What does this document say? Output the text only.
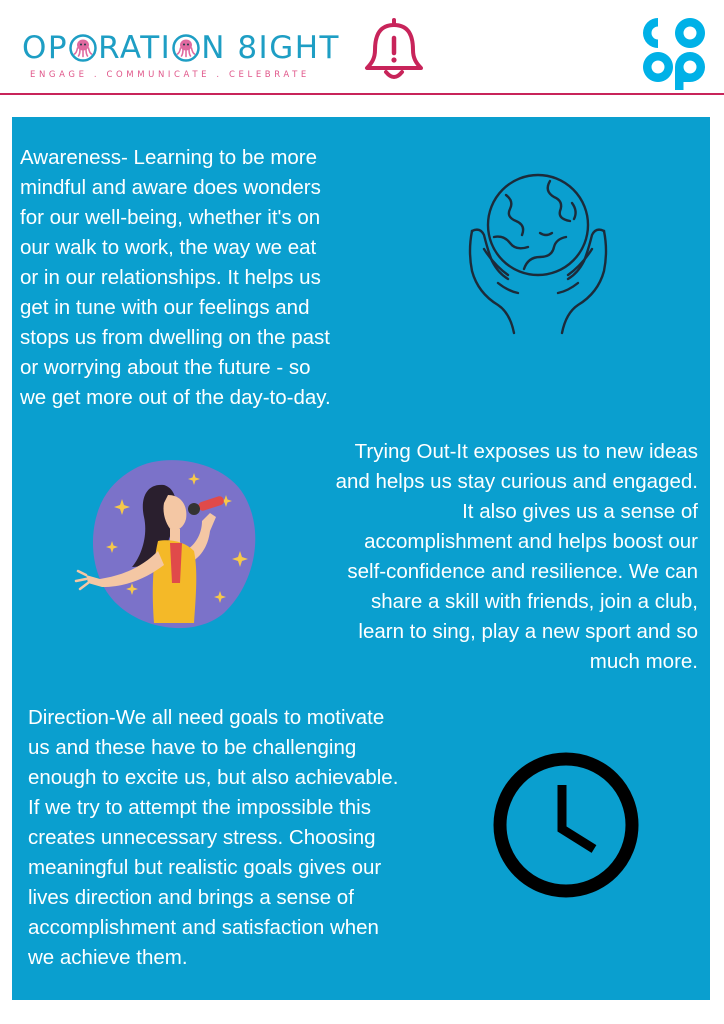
OP RATI N 8IGHT
ENGAGE . COMMUNICATE . CELEBRATE
Awareness- Learning to be more
mindful and aware does wonders
for our well-being, whether it's on
our walk to work, the way we eat
or in our relationships. It helps us
get in tune with our feelings and
stops us from dwelling on the past
or worrying about the future - so
we get more out of the day-to-day.
Trying Out-It exposes us to new ideas
and helps us stay curious and engaged.
It also gives us a sense of
accomplishment and helps boost our
self-confidence and resilience. We can
share a skill with friends, join a club,
learn to sing, play a new sport and so
much more.
Direction-We all need goals to motivate
us and these have to be challenging
enough to excite us, but also achievable.
If we try to attempt the impossible this
creates unnecessary stress. Choosing
meaningful but realistic goals gives our
lives direction and brings a sense of
accomplishment and satisfaction when
we achieve them.
